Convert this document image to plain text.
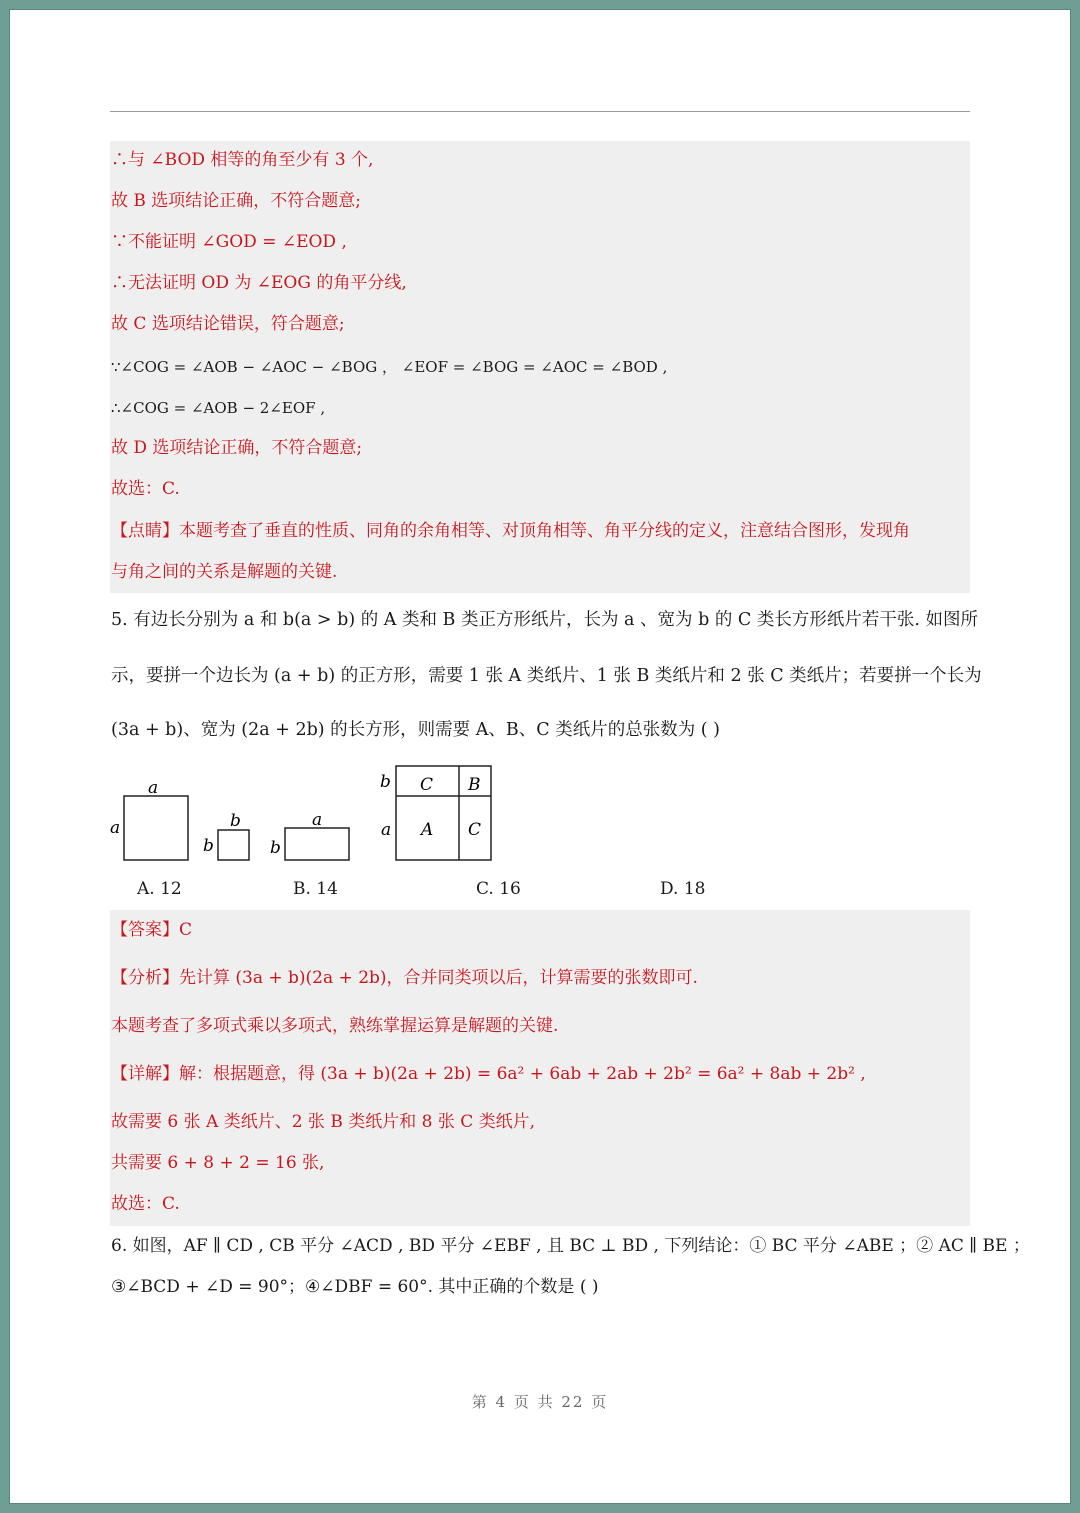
∴与 ∠BOD 相等的角至少有 3 个,
故 B 选项结论正确，不符合题意;
∵不能证明 ∠GOD = ∠EOD ,
∴无法证明 OD 为 ∠EOG 的角平分线,
故 C 选项结论错误，符合题意;
∵∠COG = ∠AOB − ∠AOC − ∠BOG ， ∠EOF = ∠BOG = ∠AOC = ∠BOD ,
∴∠COG = ∠AOB − 2∠EOF ,
故 D 选项结论正确，不符合题意;
故选：C.
【点睛】本题考查了垂直的性质、同角的余角相等、对顶角相等、角平分线的定义，注意结合图形，发现角
与角之间的关系是解题的关键.
5. 有边长分别为 a 和 b(a > b) 的 A 类和 B 类正方形纸片，长为 a 、宽为 b 的 C 类长方形纸片若干张. 如图所
示，要拼一个边长为 (a + b) 的正方形，需要 1 张 A 类纸片、1 张 B 类纸片和 2 张 C 类纸片；若要拼一个长为
(3a + b)、宽为 (2a + 2b) 的长方形，则需要 A、B、C 类纸片的总张数为 ( )
a
a	b
b
a
b
b
a
C B
A C
A. 12	B. 14	C. 16	D. 18
【答案】C
【分析】先计算 (3a + b)(2a + 2b)，合并同类项以后，计算需要的张数即可.
本题考查了多项式乘以多项式，熟练掌握运算是解题的关键.
【详解】解：根据题意，得 (3a + b)(2a + 2b) = 6a² + 6ab + 2ab + 2b² = 6a² + 8ab + 2b² ,
故需要 6 张 A 类纸片、2 张 B 类纸片和 8 张 C 类纸片,
共需要 6 + 8 + 2 = 16 张,
故选：C.
6. 如图，AF ∥ CD , CB 平分 ∠ACD , BD 平分 ∠EBF , 且 BC ⊥ BD , 下列结论：① BC 平分 ∠ABE ；② AC ∥ BE ；
③∠BCD + ∠D = 90°；④∠DBF = 60°. 其中正确的个数是 ( )
第 4 页 共 22 页
